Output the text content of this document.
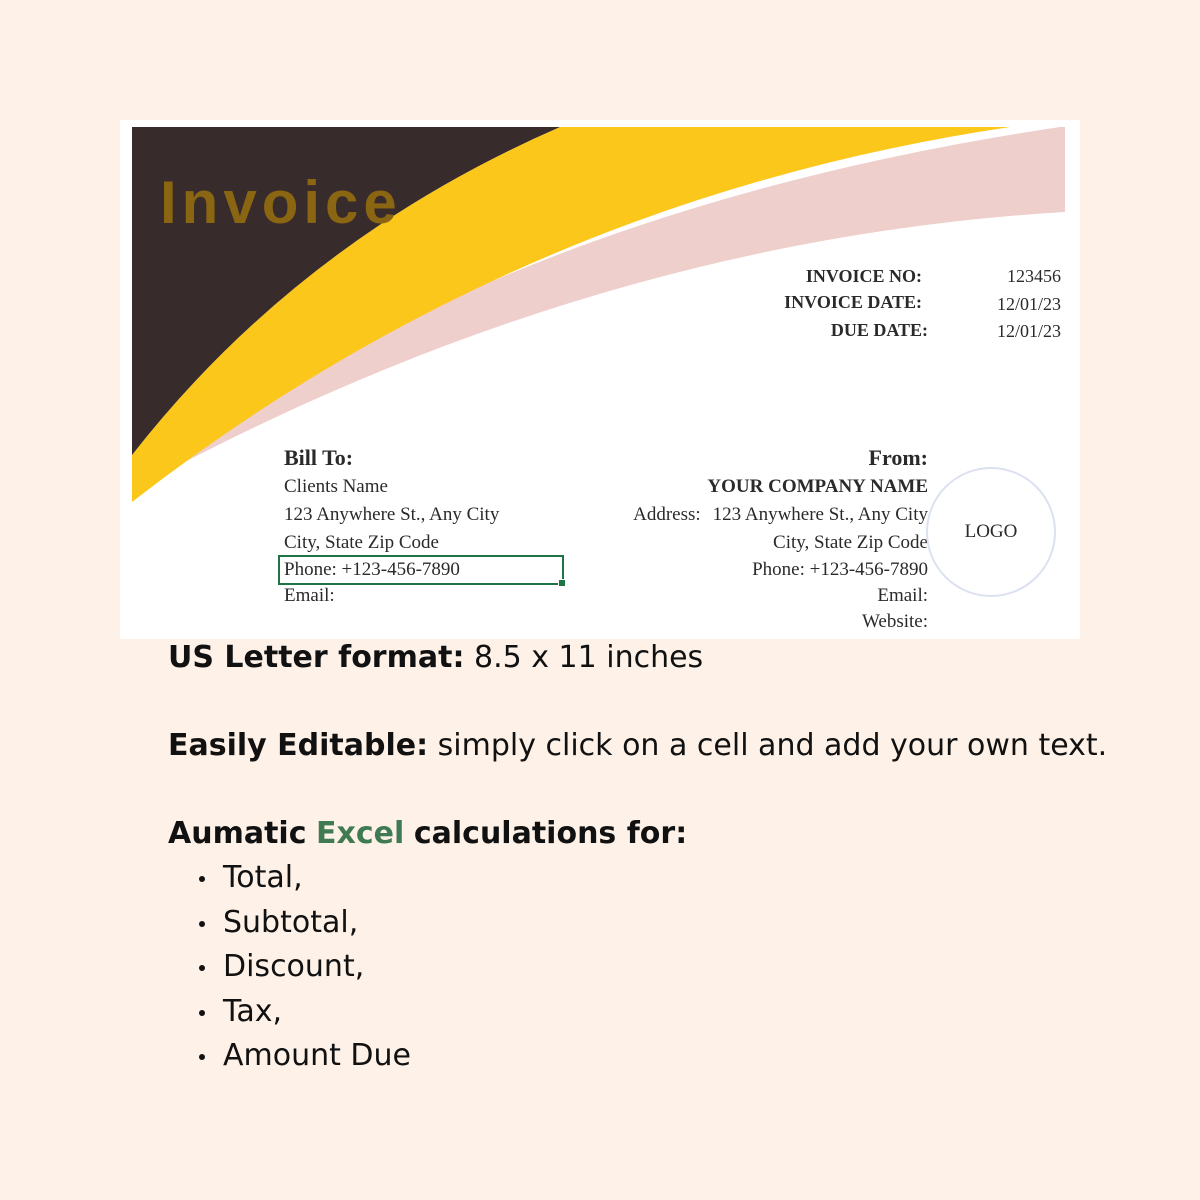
Invoice
INVOICE NO:	123456
INVOICE DATE:	12/01/23
DUE DATE:	12/01/23
Bill To:
Clients Name
123 Anywhere St., Any City
City, State Zip Code
Phone: +123-456-7890
Email:
From:
YOUR COMPANY NAME
Address: 123 Anywhere St., Any City
City, State Zip Code
Phone: +123-456-7890
Email:
Website:
LOGO
US Letter format: 8.5 x 11 inches
Easily Editable: simply click on a cell and add your own text.
Aumatic Excel calculations for:
Total,
Subtotal,
Discount,
Tax,
Amount Due
